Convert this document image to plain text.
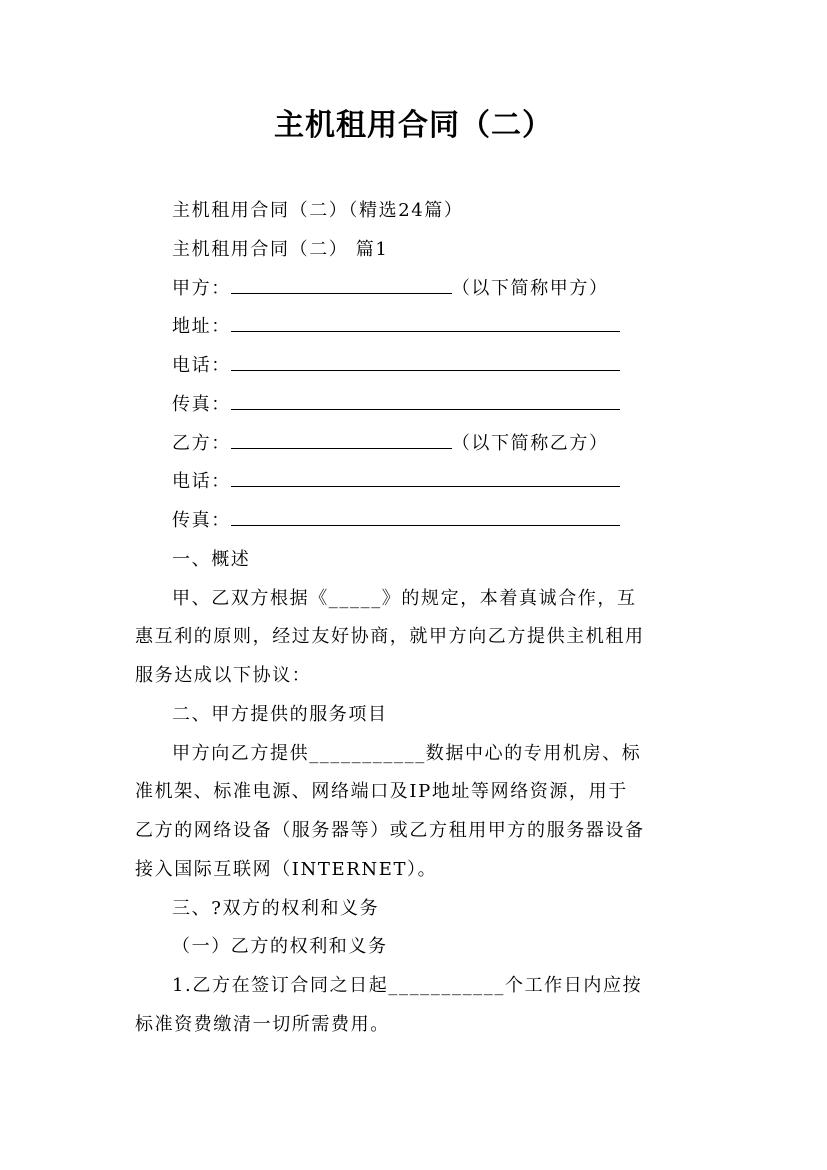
主机租用合同（二）
主机租用合同（二）（精选24篇）
主机租用合同（二） 篇1
甲方：	（以下简称甲方）
地址：
电话：
传真：
乙方：	（以下简称乙方）
电话：
传真：
一、概述
甲、乙双方根据《_____》的规定，本着真诚合作，互
惠互利的原则，经过友好协商，就甲方向乙方提供主机租用
服务达成以下协议：
二、甲方提供的服务项目
甲方向乙方提供___________数据中心的专用机房、标
准机架、标准电源、网络端口及IP地址等网络资源，用于
乙方的网络设备（服务器等）或乙方租用甲方的服务器设备
接入国际互联网（INTERNET）。
三、?双方的权利和义务
（一）乙方的权利和义务
1.乙方在签订合同之日起___________个工作日内应按
标准资费缴清一切所需费用。
